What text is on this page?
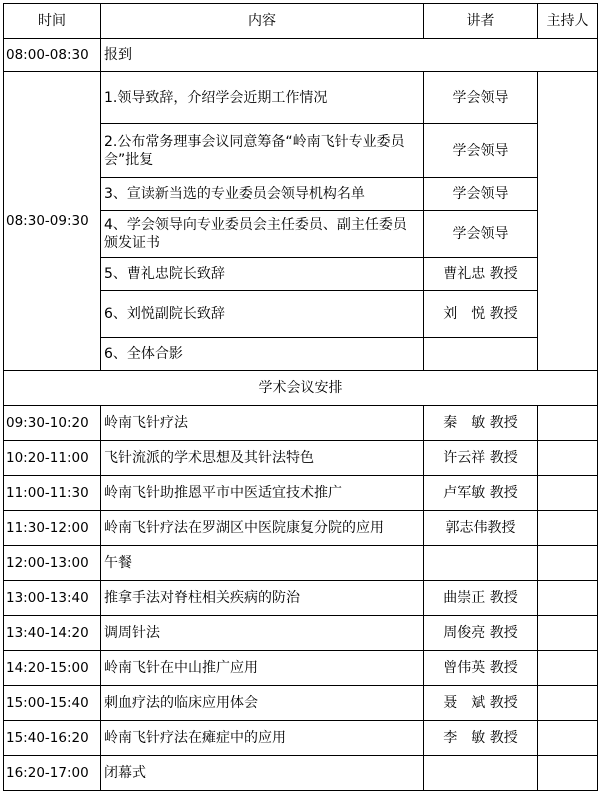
时间	内容	讲者	主持人
08:00-08:30	报到		
08:30-09:30	1.领导致辞，介绍学会近期工作情况	学会领导	
	2.公布常务理事会议同意筹备“岭南飞针专业委员会”批复	学会领导	
	3、宣读新当选的专业委员会领导机构名单	学会领导	
	4、学会领导向专业委员会主任委员、副主任委员颁发证书	学会领导	
	5、曹礼忠院长致辞	曹礼忠 教授	
	6、刘悦副院长致辞	刘　悦 教授	
	6、全体合影		
学术会议安排			
09:30-10:20	岭南飞针疗法	秦　敏 教授	
10:20-11:00	飞针流派的学术思想及其针法特色	许云祥 教授	
11:00-11:30	岭南飞针助推恩平市中医适宜技术推广	卢军敏 教授	
11:30-12:00	岭南飞针疗法在罗湖区中医院康复分院的应用	郭志伟教授	
12:00-13:00	午餐		
13:00-13:40	推拿手法对脊柱相关疾病的防治	曲崇正 教授	
13:40-14:20	调周针法	周俊亮 教授	
14:20-15:00	岭南飞针在中山推广应用	曾伟英 教授	
15:00-15:40	刺血疗法的临床应用体会	聂　斌 教授	
15:40-16:20	岭南飞针疗法在瘫症中的应用	李　敏 教授	
16:20-17:00	闭幕式		
